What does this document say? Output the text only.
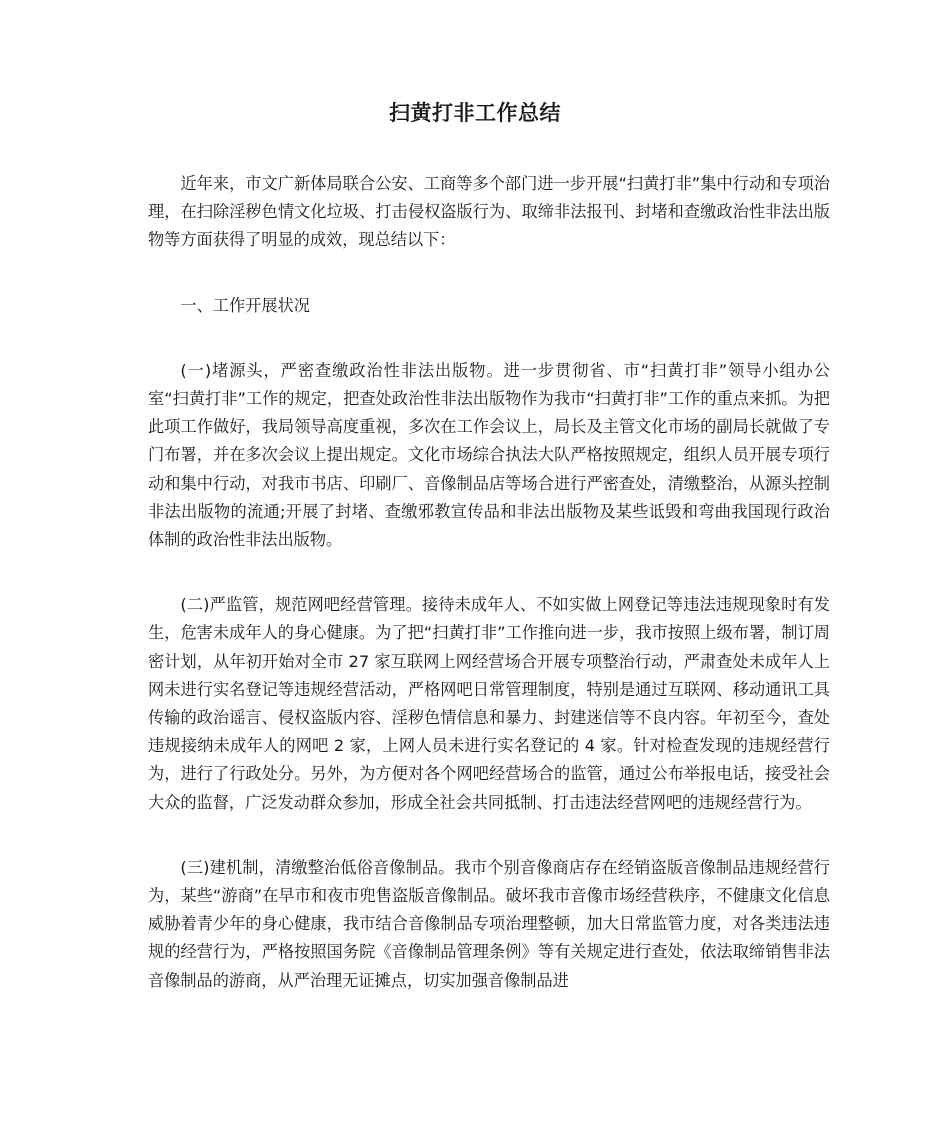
扫黄打非工作总结

近年来，市文广新体局联合公安、工商等多个部门进一步开展“扫黄打非”集中行动和专项治理，在扫除淫秽色情文化垃圾、打击侵权盗版行为、取缔非法报刊、封堵和查缴政治性非法出版物等方面获得了明显的成效，现总结以下：

一、工作开展状况

(一)堵源头，严密查缴政治性非法出版物。进一步贯彻省、市“扫黄打非”领导小组办公室“扫黄打非”工作的规定，把查处政治性非法出版物作为我市“扫黄打非”工作的重点来抓。为把此项工作做好，我局领导高度重视，多次在工作会议上，局长及主管文化市场的副局长就做了专门布署，并在多次会议上提出规定。文化市场综合执法大队严格按照规定，组织人员开展专项行动和集中行动，对我市书店、印刷厂、音像制品店等场合进行严密查处，清缴整治，从源头控制非法出版物的流通;开展了封堵、查缴邪教宣传品和非法出版物及某些诋毁和弯曲我国现行政治体制的政治性非法出版物。

(二)严监管，规范网吧经营管理。接待未成年人、不如实做上网登记等违法违规现象时有发生，危害未成年人的身心健康。为了把“扫黄打非”工作推向进一步，我市按照上级布署，制订周密计划，从年初开始对全市 27 家互联网上网经营场合开展专项整治行动，严肃查处未成年人上网未进行实名登记等违规经营活动，严格网吧日常管理制度，特别是通过互联网、移动通讯工具传输的政治谣言、侵权盗版内容、淫秽色情信息和暴力、封建迷信等不良内容。年初至今，查处违规接纳未成年人的网吧 2 家，上网人员未进行实名登记的 4 家。针对检查发现的违规经营行为，进行了行政处分。另外，为方便对各个网吧经营场合的监管，通过公布举报电话，接受社会大众的监督，广泛发动群众参加，形成全社会共同抵制、打击违法经营网吧的违规经营行为。

(三)建机制，清缴整治低俗音像制品。我市个别音像商店存在经销盗版音像制品违规经营行为，某些“游商”在早市和夜市兜售盗版音像制品。破坏我市音像市场经营秩序，不健康文化信息威胁着青少年的身心健康，我市结合音像制品专项治理整顿，加大日常监管力度，对各类违法违规的经营行为，严格按照国务院《音像制品管理条例》等有关规定进行查处，依法取缔销售非法音像制品的游商，从严治理无证摊点，切实加强音像制品进
